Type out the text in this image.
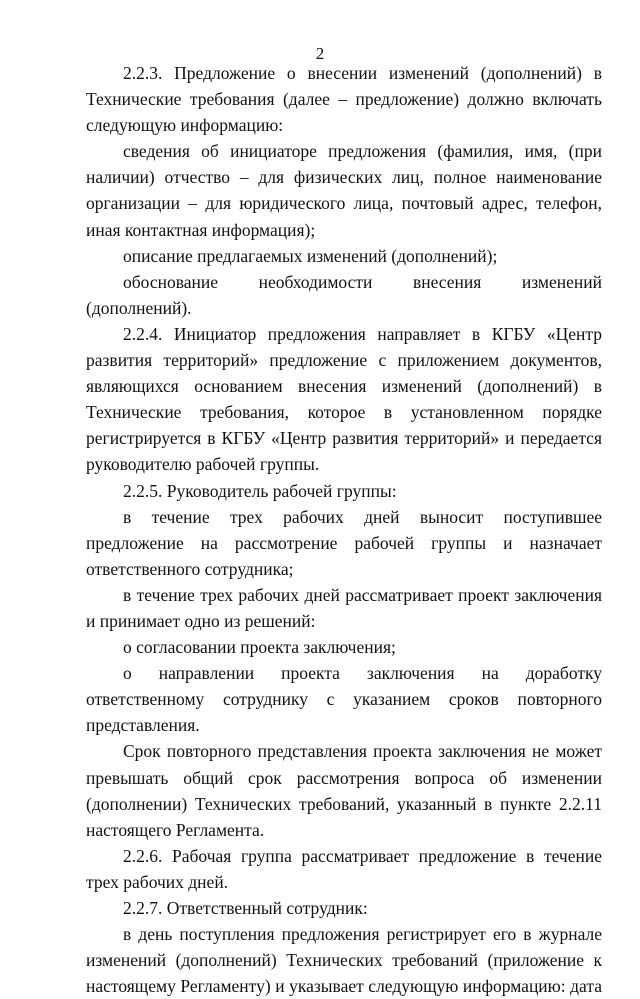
2

2.2.3. Предложение о внесении изменений (дополнений) в Технические требования (далее – предложение) должно включать следующую информацию:

сведения об инициаторе предложения (фамилия, имя, (при наличии) отчество – для физических лиц, полное наименование организации – для юридического лица, почтовый адрес, телефон, иная контактная информация);

описание предлагаемых изменений (дополнений);

обоснование необходимости внесения изменений (дополнений).

2.2.4. Инициатор предложения направляет в КГБУ «Центр развития территорий» предложение с приложением документов, являющихся основанием внесения изменений (дополнений) в Технические требования, которое в установленном порядке регистрируется в КГБУ «Центр развития территорий» и передается руководителю рабочей группы.

2.2.5. Руководитель рабочей группы:

в течение трех рабочих дней выносит поступившее предложение на рассмотрение рабочей группы и назначает ответственного сотрудника;

в течение трех рабочих дней рассматривает проект заключения и принимает одно из решений:

о согласовании проекта заключения;

о направлении проекта заключения на доработку ответственному сотруднику с указанием сроков повторного представления.

Срок повторного представления проекта заключения не может превышать общий срок рассмотрения вопроса об изменении (дополнении) Технических требований, указанный в пункте 2.2.11 настоящего Регламента.

2.2.6. Рабочая группа рассматривает предложение в течение трех рабочих дней.

2.2.7. Ответственный сотрудник:

в день поступления предложения регистрирует его в журнале изменений (дополнений) Технических требований (приложение к настоящему Регламенту) и указывает следующую информацию: дата
